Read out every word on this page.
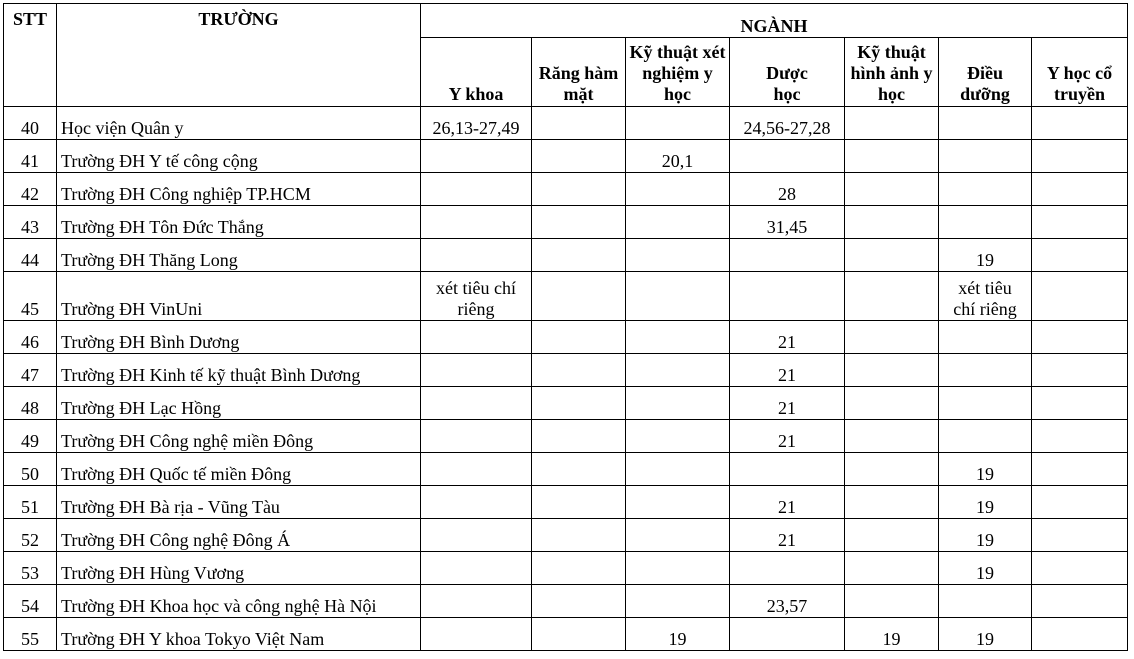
STT	TRƯỜNG	NGÀNH						
		Y khoa	Răng hàm mặt	Kỹ thuật xét nghiệm y học	Dược học	Kỹ thuật hình ảnh y học	Điều dưỡng	Y học cổ truyền
40	Học viện Quân y	26,13-27,49			24,56-27,28			
41	Trường ĐH Y tế công cộng			20,1				
42	Trường ĐH Công nghiệp TP.HCM				28			
43	Trường ĐH Tôn Đức Thắng				31,45			
44	Trường ĐH Thăng Long						19	
45	Trường ĐH VinUni	xét tiêu chí riêng					xét tiêu chí riêng	
46	Trường ĐH Bình Dương				21			
47	Trường ĐH Kinh tế kỹ thuật Bình Dương				21			
48	Trường ĐH Lạc Hồng				21			
49	Trường ĐH Công nghệ miền Đông				21			
50	Trường ĐH Quốc tế miền Đông						19	
51	Trường ĐH Bà rịa - Vũng Tàu				21		19	
52	Trường ĐH Công nghệ Đông Á				21		19	
53	Trường ĐH Hùng Vương						19	
54	Trường ĐH Khoa học và công nghệ Hà Nội				23,57			
55	Trường ĐH Y khoa Tokyo Việt Nam			19		19	19	
